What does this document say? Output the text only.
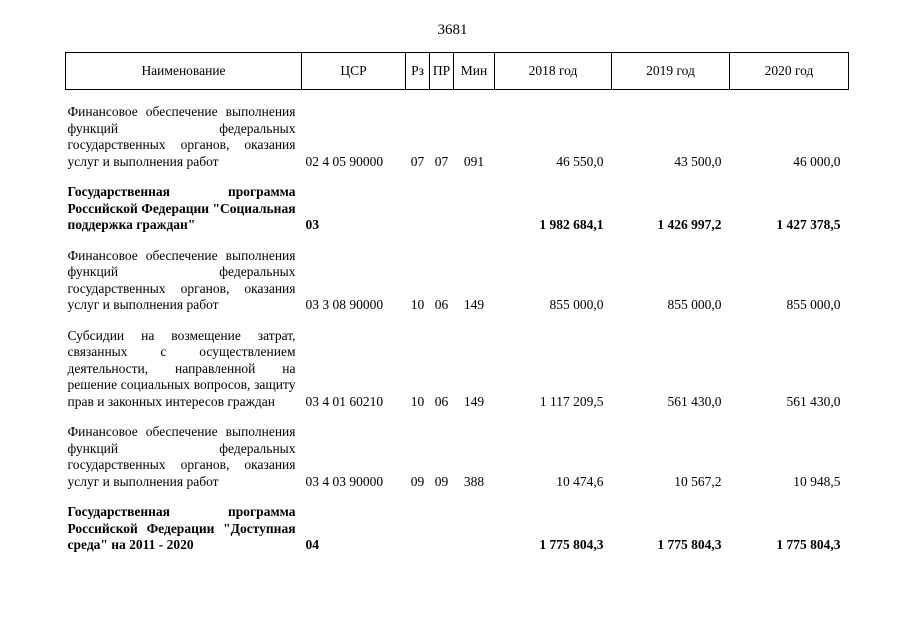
3681
Наименование	ЦСР	Рз	ПР	Мин	2018 год	2019 год	2020 год

Финансовое обеспечение выполнения функций федеральных государственных органов, оказания услуг и выполнения работ	02 4 05 90000	07	07	091	46 550,0	43 500,0	46 000,0

Государственная программа Российской Федерации "Социальная поддержка граждан"	03				1 982 684,1	1 426 997,2	1 427 378,5

Финансовое обеспечение выполнения функций федеральных государственных органов, оказания услуг и выполнения работ	03 3 08 90000	10	06	149	855 000,0	855 000,0	855 000,0

Субсидии на возмещение затрат, связанных с осуществлением деятельности, направленной на решение социальных вопросов, защиту прав и законных интересов граждан	03 4 01 60210	10	06	149	1 117 209,5	561 430,0	561 430,0

Финансовое обеспечение выполнения функций федеральных государственных органов, оказания услуг и выполнения работ	03 4 03 90000	09	09	388	10 474,6	10 567,2	10 948,5

Государственная программа Российской Федерации "Доступная среда" на 2011 - 2020	04				1 775 804,3	1 775 804,3	1 775 804,3
